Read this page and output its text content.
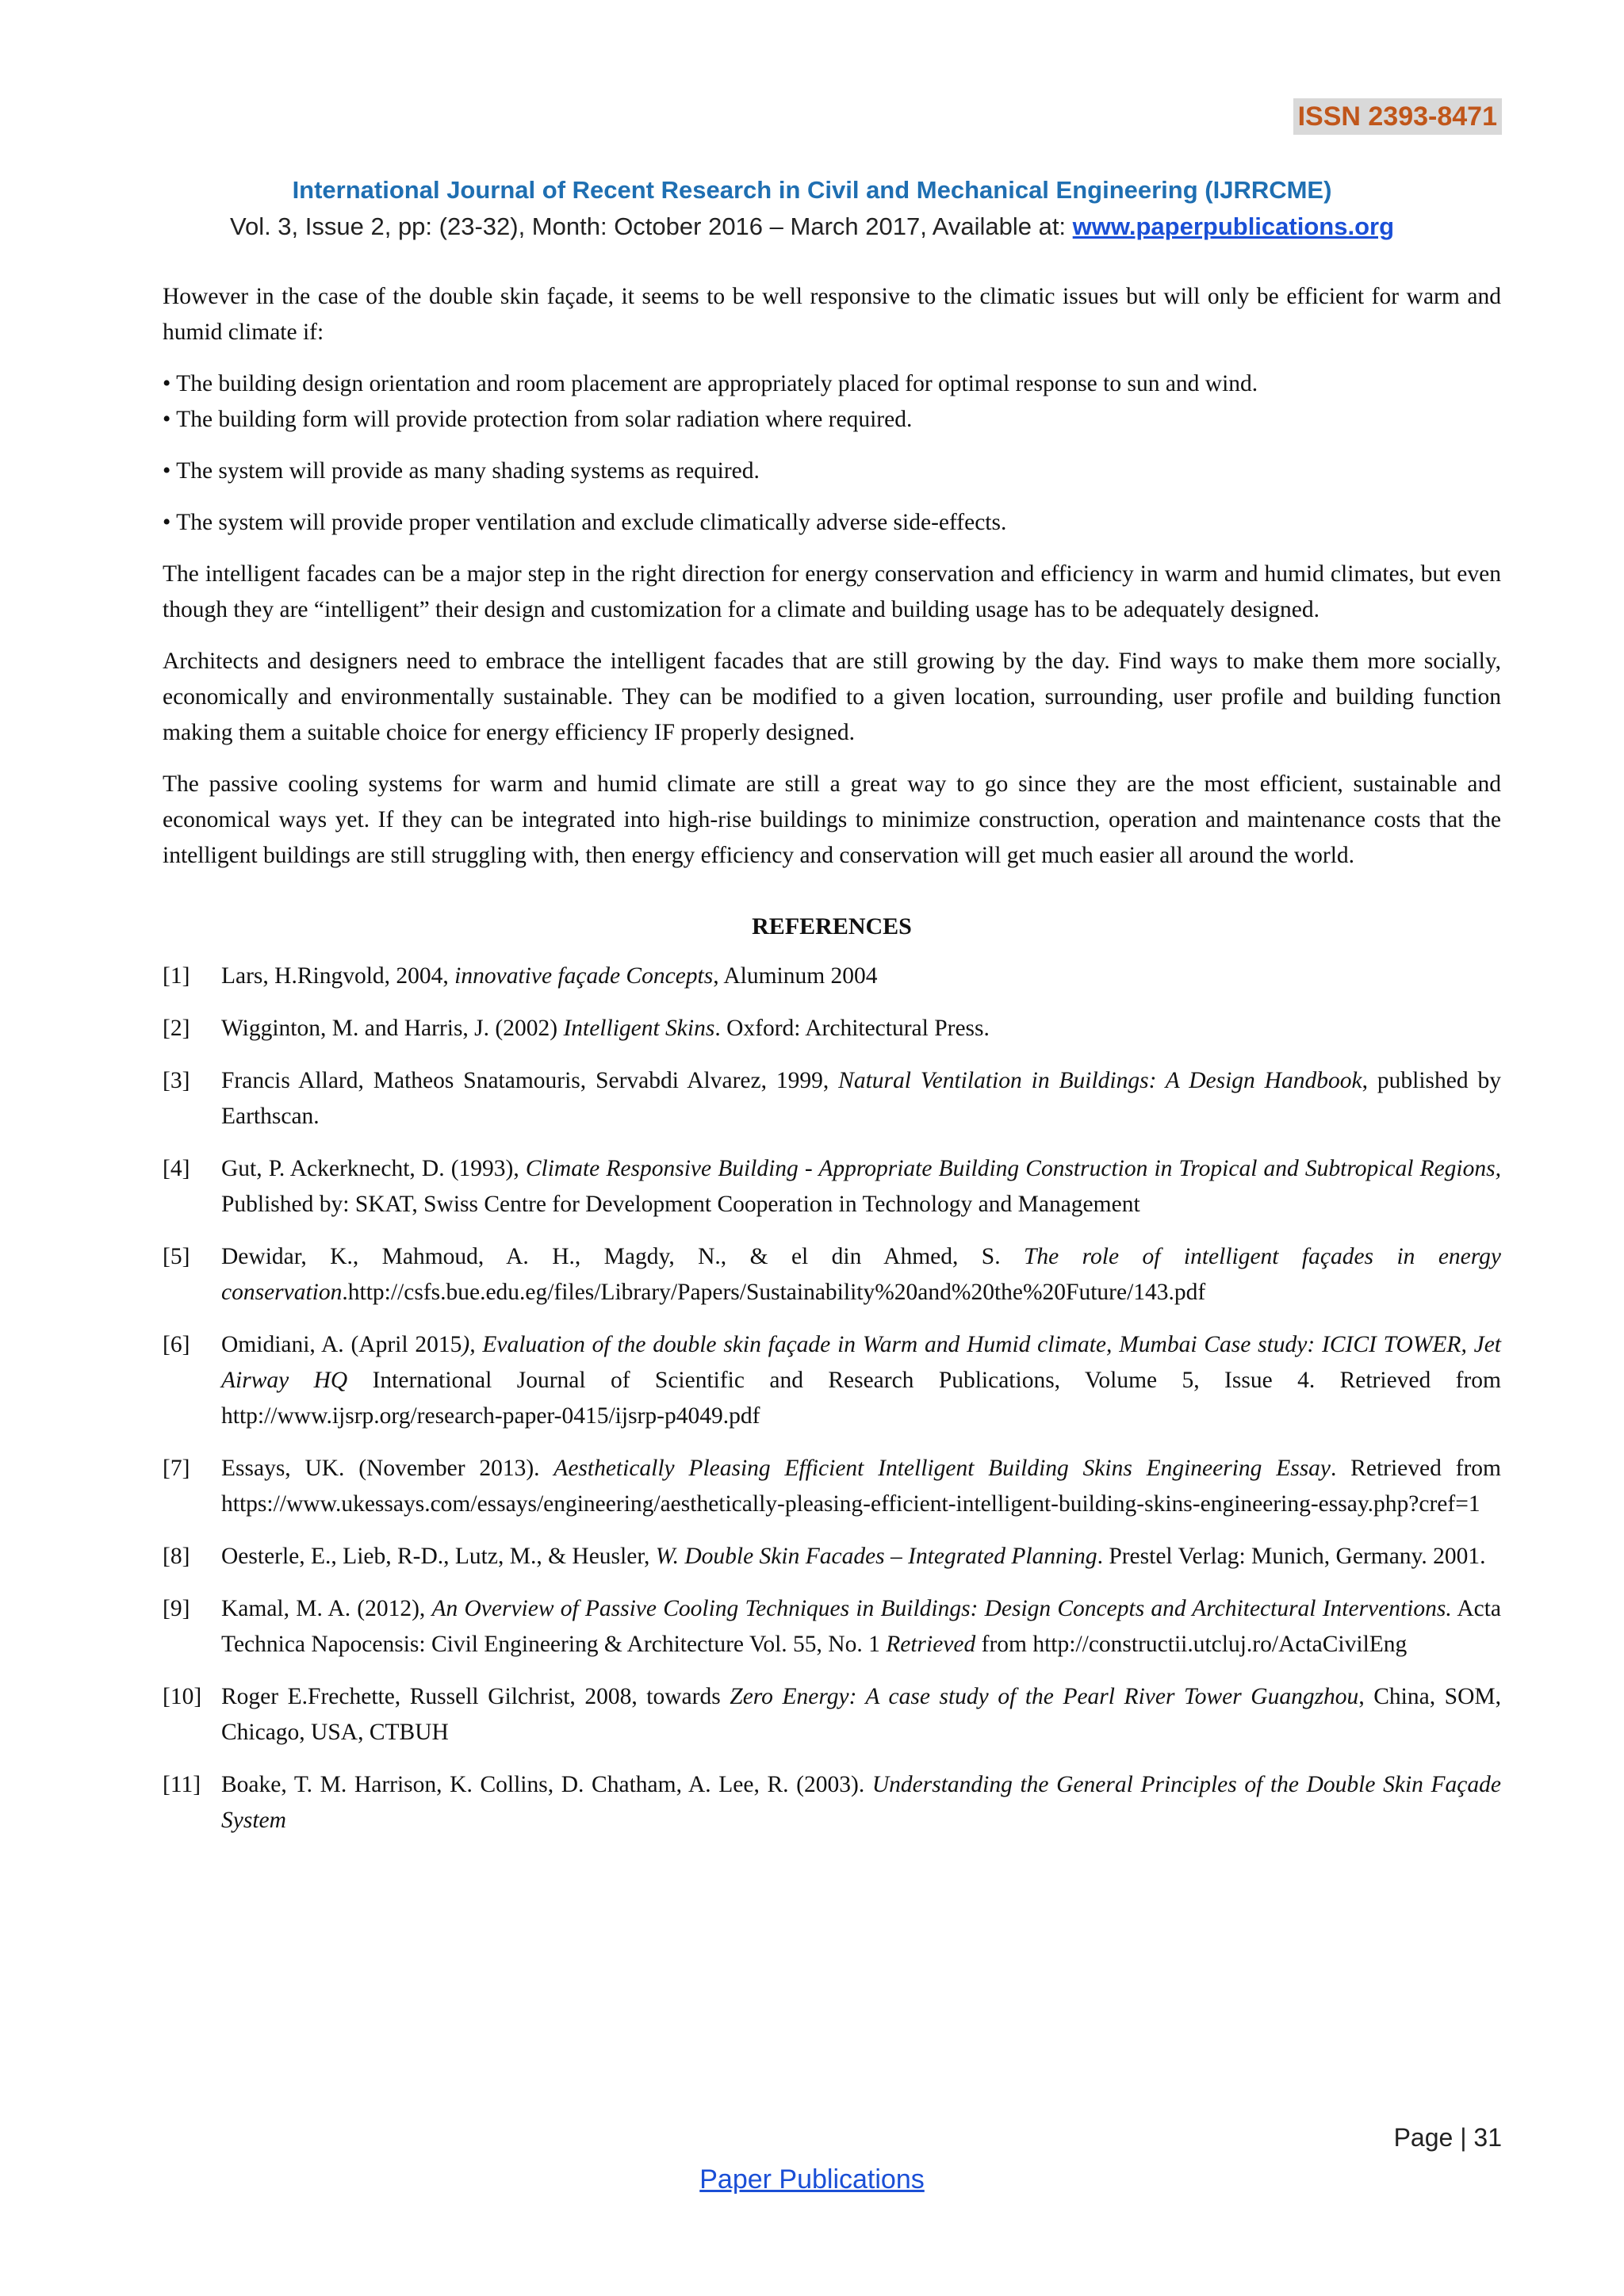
ISSN 2393-8471
International Journal of Recent Research in Civil and Mechanical Engineering (IJRRCME)
Vol. 3, Issue 2, pp: (23-32), Month: October 2016 – March 2017, Available at: www.paperpublications.org

However in the case of the double skin façade, it seems to be well responsive to the climatic issues but will only be efficient for warm and humid climate if:

• The building design orientation and room placement are appropriately placed for optimal response to sun and wind.

• The building form will provide protection from solar radiation where required.

• The system will provide as many shading systems as required.

• The system will provide proper ventilation and exclude climatically adverse side-effects.

The intelligent facades can be a major step in the right direction for energy conservation and efficiency in warm and humid climates, but even though they are “intelligent” their design and customization for a climate and building usage has to be adequately designed.

Architects and designers need to embrace the intelligent facades that are still growing by the day. Find ways to make them more socially, economically and environmentally sustainable. They can be modified to a given location, surrounding, user profile and building function making them a suitable choice for energy efficiency IF properly designed.

The passive cooling systems for warm and humid climate are still a great way to go since they are the most efficient, sustainable and economical ways yet. If they can be integrated into high-rise buildings to minimize construction, operation and maintenance costs that the intelligent buildings are still struggling with, then energy efficiency and conservation will get much easier all around the world.

REFERENCES
[1] Lars, H.Ringvold, 2004, innovative façade Concepts, Aluminum 2004
[2] Wigginton, M. and Harris, J. (2002) Intelligent Skins. Oxford: Architectural Press.
[3] Francis Allard, Matheos Snatamouris, Servabdi Alvarez, 1999, Natural Ventilation in Buildings: A Design Handbook, published by Earthscan.
[4] Gut, P. Ackerknecht, D. (1993), Climate Responsive Building - Appropriate Building Construction in Tropical and Subtropical Regions, Published by: SKAT, Swiss Centre for Development Cooperation in Technology and Management
[5] Dewidar, K., Mahmoud, A. H., Magdy, N., & el din Ahmed, S. The role of intelligent façades in energy conservation.http://csfs.bue.edu.eg/files/Library/Papers/Sustainability%20and%20the%20Future/143.pdf
[6] Omidiani, A. (April 2015), Evaluation of the double skin façade in Warm and Humid climate, Mumbai Case study: ICICI TOWER, Jet Airway HQ International Journal of Scientific and Research Publications, Volume 5, Issue 4. Retrieved from http://www.ijsrp.org/research-paper-0415/ijsrp-p4049.pdf
[7] Essays, UK. (November 2013). Aesthetically Pleasing Efficient Intelligent Building Skins Engineering Essay. Retrieved from https://www.ukessays.com/essays/engineering/aesthetically-pleasing-efficient-intelligent-building-skins-engineering-essay.php?cref=1
[8] Oesterle, E., Lieb, R-D., Lutz, M., & Heusler, W. Double Skin Facades – Integrated Planning. Prestel Verlag: Munich, Germany. 2001.
[9] Kamal, M. A. (2012), An Overview of Passive Cooling Techniques in Buildings: Design Concepts and Architectural Interventions. Acta Technica Napocensis: Civil Engineering & Architecture Vol. 55, No. 1 Retrieved from http://constructii.utcluj.ro/ActaCivilEng
[10] Roger E.Frechette, Russell Gilchrist, 2008, towards Zero Energy: A case study of the Pearl River Tower Guangzhou, China, SOM, Chicago, USA, CTBUH
[11] Boake, T. M. Harrison, K. Collins, D. Chatham, A. Lee, R. (2003). Understanding the General Principles of the Double Skin Façade System
Page | 31
Paper Publications
